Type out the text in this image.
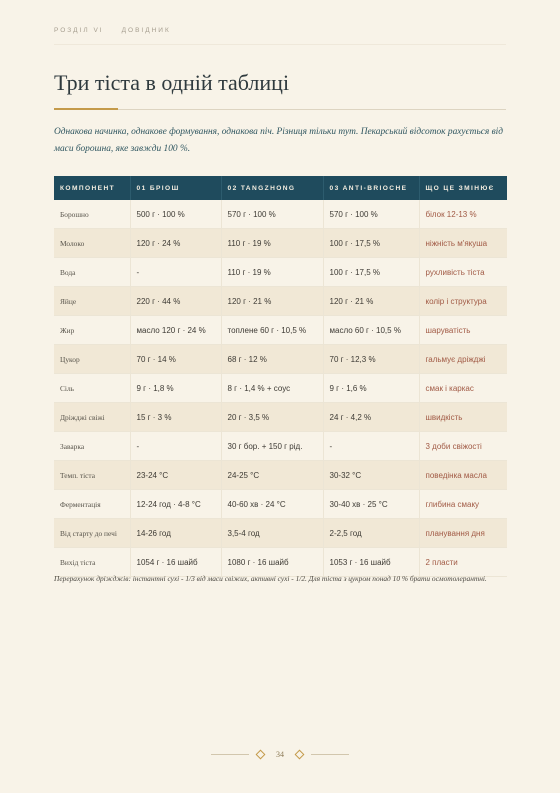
РОЗДІЛ VI	ДОВІДНИК
Три тіста в одній таблиці

Однакова начинка, однакове формування, однакова піч. Різниця тільки тут. Пекарський відсоток рахується від маси борошна, яке завжди 100 %.

КОМПОНЕНТ	01 БРІОШ	02 TANGZHONG	03 ANTI-BRIOCHE	ЩО ЦЕ ЗМІНЮЄ
Борошно	500 г · 100 %	570 г · 100 %	570 г · 100 %	білок 12-13 %
Молоко	120 г · 24 %	110 г · 19 %	100 г · 17,5 %	ніжність м'якуша
Вода	-	110 г · 19 %	100 г · 17,5 %	рухливість тіста
Яйце	220 г · 44 %	120 г · 21 %	120 г · 21 %	колір і структура
Жир	масло 120 г · 24 %	топлене 60 г · 10,5 %	масло 60 г · 10,5 %	шаруватість
Цукор	70 г · 14 %	68 г · 12 %	70 г · 12,3 %	гальмує дріжджі
Сіль	9 г · 1,8 %	8 г · 1,4 % + соус	9 г · 1,6 %	смак і каркас
Дріжджі свіжі	15 г · 3 %	20 г · 3,5 %	24 г · 4,2 %	швидкість
Заварка	-	30 г бор. + 150 г рід.	-	3 доби свіжості
Темп. тіста	23-24 °C	24-25 °C	30-32 °C	поведінка масла
Ферментація	12-24 год · 4-8 °C	40-60 хв · 24 °C	30-40 хв · 25 °C	глибина смаку
Від старту до печі	14-26 год	3,5-4 год	2-2,5 год	планування дня
Вихід тіста	1054 г · 16 шайб	1080 г · 16 шайб	1053 г · 16 шайб	2 пласти

Перерахунок дріжджів: інстантні сухі - 1/3 від маси свіжих, активні сухі - 1/2. Для тіста з цукром понад 10 % брати осмотолерантні.

34
